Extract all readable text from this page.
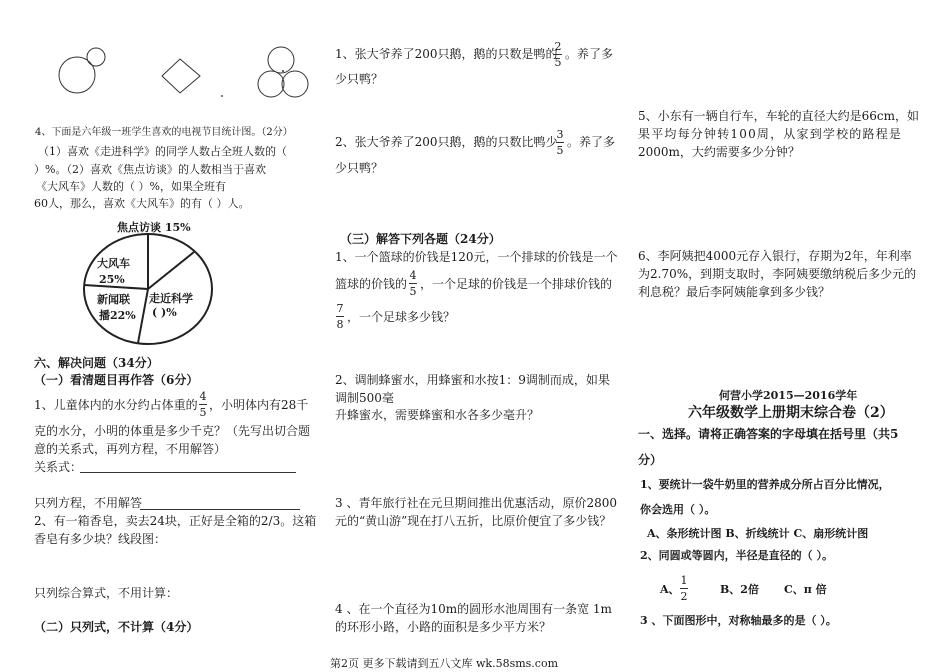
4、下面是六年级一班学生喜欢的电视节目统计图。（2分）
（1）喜欢《走进科学》的同学人数占全班人数的（
）%。（2）喜欢《焦点访谈》的人数相当于喜欢
《大风车》人数的（ ）%，如果全班有
60人，那么，喜欢《大风车》的有（ ）人。
焦点访谈 15%
大风车
25%
新闻联
播22%
走近科学
( )%
六、解决问题（34分）
（一）看清题目再作答（6分）
1、儿童体内的水分约占体重的
4
5
，小明体内有28千
克的水分，小明的体重是多少千克？（先写出切合题
意的关系式，再列方程，不用解答）
关系式：
只列方程，不用解答
2、有一箱香皂，卖去24块，正好是全箱的2/3。这箱
香皂有多少块？线段图：
只列综合算式，不用计算：
（二）只列式，不计算（4分）
1、张大爷养了200只鹅，鹅的只数是鸭的
2
5
。养了多
少只鸭？
2、张大爷养了200只鹅，鹅的只数比鸭少
3
5
。养了多
少只鸭？
（三）解答下列各题（24分）
1、一个篮球的价钱是120元，一个排球的价钱是一个
篮球的价钱的
4
5
，一个足球的价钱是一个排球价钱的
7
8
，一个足球多少钱？
2、调制蜂蜜水，用蜂蜜和水按1：9调制而成，如果
调制500毫
升蜂蜜水，需要蜂蜜和水各多少毫升？
3 、青年旅行社在元旦期间推出优惠活动，原价2800
元的“黄山游”现在打八五折，比原价便宜了多少钱？
4 、在一个直径为10m的圆形水池周围有一条宽 1m
的环形小路，小路的面积是多少平方米？
5、小东有一辆自行车，车轮的直径大约是66cm，如
果平均每分钟转100周，从家到学校的路程是
2000m，大约需要多少分钟？
6、李阿姨把4000元存入银行，存期为2年，年利率
为2.70%，到期支取时，李阿姨要缴纳税后多少元的
利息税？最后李阿姨能拿到多少钱？
何营小学2015—2016学年
六年级数学上册期末综合卷（2）
一、选择。请将正确答案的字母填在括号里（共5
分）
1、要统计一袋牛奶里的营养成分所占百分比情况，
你会选用（ ）。
A、条形统计图 B、折线统计 C、扇形统计图
2、同圆或等圆内，半径是直径的（ ）。
A、
1
2
B、2倍 C、π 倍
3 、下面图形中，对称轴最多的是（ ）。
第2页 更多下载请到五八文库 wk.58sms.com
